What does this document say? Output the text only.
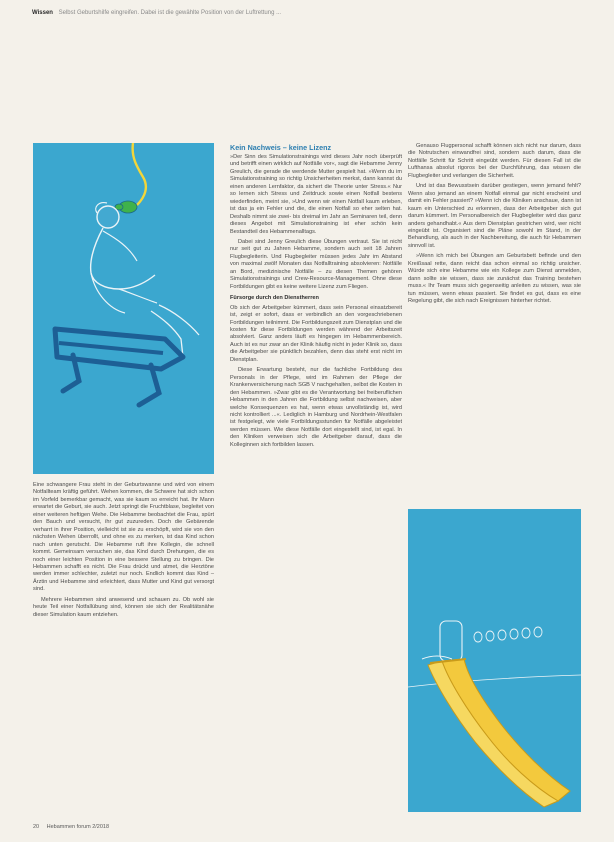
Wissen Selbst Geburtshilfe eingreifen. Dabei ist die gewählte Position von der Luftrettung ...

Eine schwangere Frau steht in der Geburtswanne und wird von einem Notfallteam kräftig geführt. Wehen kommen, die Schwere hat sich schon im Vorfeld bemerkbar gemacht, was sie kaum so erreicht hat. Ihr Mann erwartet die Geburt, sie auch. Jetzt springt die Fruchtblase, begleitet von einer weiteren heftigen Wehe. Die Hebamme beobachtet die Frau, spürt den Bauch und versucht, ihr gut zuzureden. Doch die Gebärende verharrt in ihrer Position, vielleicht ist sie zu erschöpft, wird sie von den nächsten Wehen überrollt, und ohne es zu merken, ist das Kind schon nach unten gerutscht. Die Hebamme ruft ihre Kollegin, die schnell kommt. Gemeinsam versuchen sie, das Kind durch Drehungen, die es noch einer leichten Position in eine bessere Stellung zu bringen. Die Hebammen schafft es nicht. Die Frau drückt und atmet, die Herztöne werden immer schlechter, zuletzt nur noch. Endlich kommt das Kind – Ärztin und Hebamme sind erleichtert, dass Mutter und Kind gut versorgt sind.

Mehrere Hebammen sind anwesend und schauen zu. Ob wohl sie heute Teil einer Notfallübung sind, können sie sich der Realitätsnähe dieser Simulation kaum entziehen.

Kein Nachweis – keine Lizenz

»Der Sinn des Simulationstrainings wird dieses Jahr noch überprüft und betrifft einen wirklich auf Notfälle vor«, sagt die Hebamme Jenny Greulich, die gerade die werdende Mutter gespielt hat. »Wenn du im Simulationstraining so richtig Unsicherheiten merkst, dann kannst du einen anderen Lernfaktor, da sichert die Theorie unter Stress.« Nur so lernen sich Stress und Zeitdruck sowie einen Notfall bestens wiederfinden, meint sie, »Und wenn wir einen Notfall kaum erleben, ist das ja ein Fehler und die, die einen Notfall so eher selten hat. Deshalb nimmt sie zwei- bis dreimal im Jahr an Seminaren teil, denn dieses Angebot mit Simulationstraining ist eher schön kein Bestandteil des Hebammenalltags.

Dabei sind Jenny Greulich diese Übungen vertraut. Sie ist nicht nur seit gut zu Jahren Hebamme, sondern auch seit 18 Jahren Flugbegleiterin. Und Flugbegleiter müssen jedes Jahr im Abstand von maximal zwölf Monaten das Notfalltraining absolvieren: Notfälle an Bord, medizinische Notfälle – zu diesen Themen gehören Simulationstrainings und Crew-Resource-Management. Ohne diese Fortbildungen gibt es keine weitere Lizenz zum Fliegen.

Fürsorge durch den Dienstherren

Ob sich der Arbeitgeber kümmert, dass sein Personal einsatzbereit ist, zeigt er sofort, dass er verbindlich an den vorgeschriebenen Fortbildungen teilnimmt. Die Fortbildungszeit zum Dienstplan und die kosten für diese Fortbildungen werden während der Arbeitszeit absolviert. Ganz anders läuft es hingegen im Hebammenbereich. Auch ist es nur zwar an der Klinik häufig nicht in jeder Klinik so, dass die Arbeitgeber sie pünktlich bezahlen, denn das steht erst nicht im Dienstplan.

Diese Erwartung besteht, nur die fachliche Fortbildung des Personals in der Pflege, wird im Rahmen der Pflege der Krankenversicherung nach SGB V nachgehalten, selbst die Kosten in den Hebammen. »Zwar gibt es die Verantwortung bei freiberuflichen Hebammen in den Jahren die Fortbildung selbst nachweisen, aber welche Konsequenzen es hat, wenn etwas unvollständig ist, wird nicht kontrolliert ...«. Lediglich in Hamburg und Nordrhein-Westfalen ist festgelegt, wie viele Fortbildungsstunden für Notfälle abgeleistet werden müssen. Wie diese Notfälle dort eingestellt sind, ist egal. In den Kliniken verweisen sich die Arbeitgeber darauf, dass die Kolleginnen sich fortbilden lassen.

Genauso Flugpersonal schafft können sich nicht nur darum, dass die Notrutschen einwandfrei sind, sondern auch darum, dass die Notfälle Schritt für Schritt eingeübt werden. Für diesen Fall ist die Lufthansa absolut rigoros bei der Durchführung, das wissen die Flugbegleiter und verlangen die Sicherheit.

Und ist das Bewusstsein darüber gestiegen, wenn jemand fehlt? Wenn also jemand an einem Notfall einmal gar nicht erscheint und damit ein Fehler passiert? »Wenn ich die Kliniken anschaue, dann ist kaum ein Unterschied zu erkennen, dass der Arbeitgeber sich gut darum kümmert. Im Personalbereich der Flugbegleiter wird das ganz anders gehandhabt.« Aus dem Dienstplan gestrichen wird, wer nicht eingeübt ist. Organisiert sind die Pläne sowohl im Stand, in der Behandlung, als auch in der Nachbereitung, die auch für Hebammen sinnvoll ist.

»Wenn ich mich bei Übungen am Geburtsbett befinde und den Kreißsaal rette, dann reicht das schon einmal so richtig unsicher. Würde sich eine Hebamme wie ein Kollege zum Dienst anmelden, dann sollte sie wissen, dass sie zunächst das Training bestehen muss.« Ihr Team muss sich gegenseitig anleiten zu wissen, was sie tun müssen, wenn etwas passiert. Sie findet es gut, dass es eine Regelung gibt, die sich nach Ereignissen hinterher richtet.

20 Hebammen forum 2/2018
